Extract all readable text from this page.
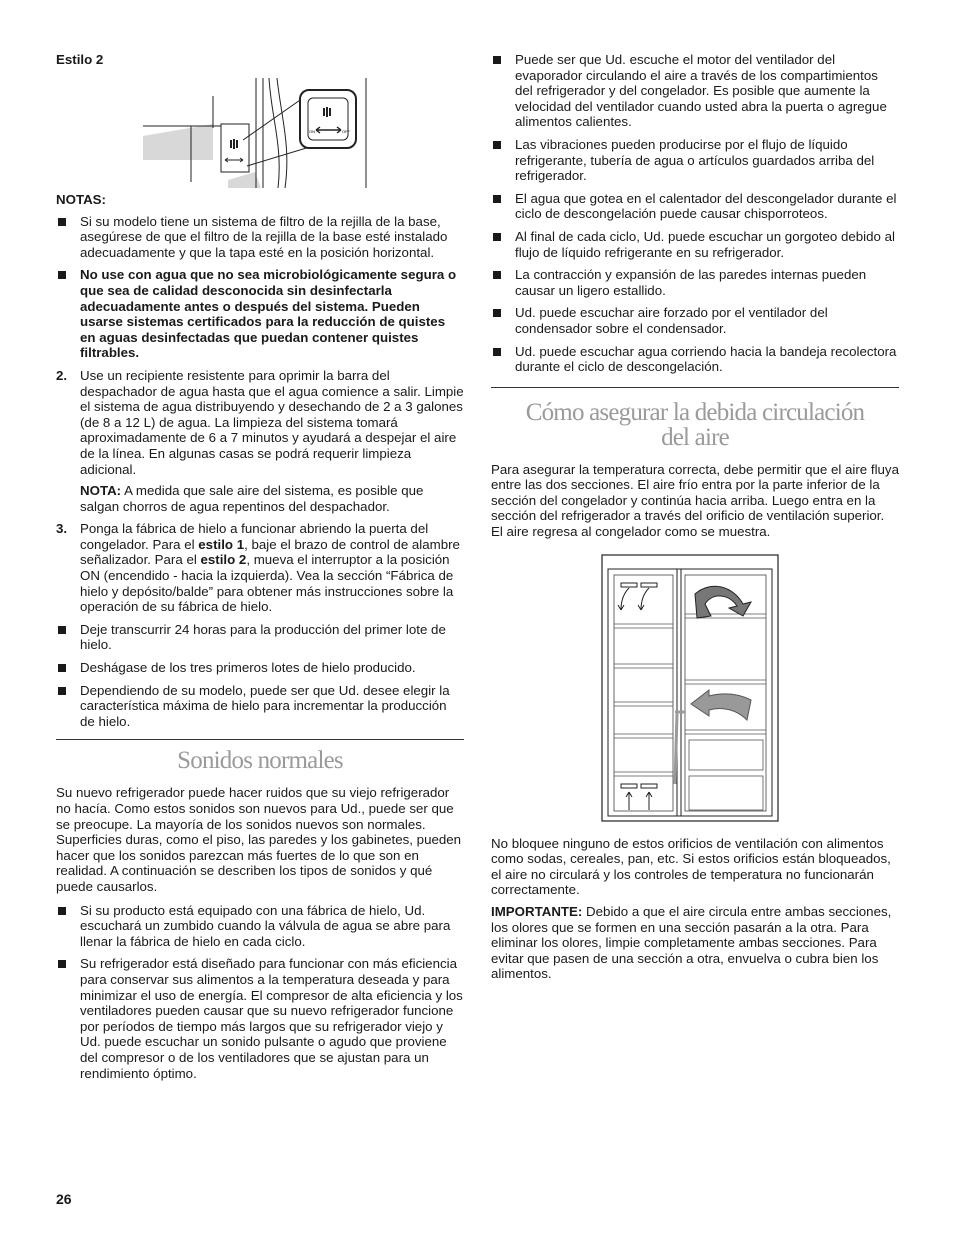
Estilo 2

ON	OFF

NOTAS:

Si su modelo tiene un sistema de filtro de la rejilla de la base, asegúrese de que el filtro de la rejilla de la base esté instalado adecuadamente y que la tapa esté en la posición horizontal.
No use con agua que no sea microbiológicamente segura o que sea de calidad desconocida sin desinfectarla adecuadamente antes o después del sistema. Pueden usarse sistemas certificados para la reducción de quistes en aguas desinfectadas que puedan contener quistes filtrables.
2. Use un recipiente resistente para oprimir la barra del despachador de agua hasta que el agua comience a salir. Limpie el sistema de agua distribuyendo y desechando de 2 a 3 galones (de 8 a 12 L) de agua. La limpieza del sistema tomará aproximadamente de 6 a 7 minutos y ayudará a despejar el aire de la línea. En algunas casas se podrá requerir limpieza adicional.

NOTA: A medida que sale aire del sistema, es posible que salgan chorros de agua repentinos del despachador.

3. Ponga la fábrica de hielo a funcionar abriendo la puerta del congelador. Para el estilo 1, baje el brazo de control de alambre señalizador. Para el estilo 2, mueva el interruptor a la posición ON (encendido - hacia la izquierda). Vea la sección “Fábrica de hielo y depósito/balde” para obtener más instrucciones sobre la operación de su fábrica de hielo.

Deje transcurrir 24 horas para la producción del primer lote de hielo.
Deshágase de los tres primeros lotes de hielo producido.
Dependiendo de su modelo, puede ser que Ud. desee elegir la característica máxima de hielo para incrementar la producción de hielo.

Sonidos normales

Su nuevo refrigerador puede hacer ruidos que su viejo refrigerador no hacía. Como estos sonidos son nuevos para Ud., puede ser que se preocupe. La mayoría de los sonidos nuevos son normales. Superficies duras, como el piso, las paredes y los gabinetes, pueden hacer que los sonidos parezcan más fuertes de lo que son en realidad. A continuación se describen los tipos de sonidos y qué puede causarlos.

Si su producto está equipado con una fábrica de hielo, Ud. escuchará un zumbido cuando la válvula de agua se abre para llenar la fábrica de hielo en cada ciclo.
Su refrigerador está diseñado para funcionar con más eficiencia para conservar sus alimentos a la temperatura deseada y para minimizar el uso de energía. El compresor de alta eficiencia y los ventiladores pueden causar que su nuevo refrigerador funcione por períodos de tiempo más largos que su refrigerador viejo y Ud. puede escuchar un sonido pulsante o agudo que proviene del compresor o de los ventiladores que se ajustan para un rendimiento óptimo.
Puede ser que Ud. escuche el motor del ventilador del evaporador circulando el aire a través de los compartimientos del refrigerador y del congelador. Es posible que aumente la velocidad del ventilador cuando usted abra la puerta o agregue alimentos calientes.
Las vibraciones pueden producirse por el flujo de líquido refrigerante, tubería de agua o artículos guardados arriba del refrigerador.
El agua que gotea en el calentador del descongelador durante el ciclo de descongelación puede causar chisporroteos.
Al final de cada ciclo, Ud. puede escuchar un gorgoteo debido al flujo de líquido refrigerante en su refrigerador.
La contracción y expansión de las paredes internas pueden causar un ligero estallido.
Ud. puede escuchar aire forzado por el ventilador del condensador sobre el condensador.
Ud. puede escuchar agua corriendo hacia la bandeja recolectora durante el ciclo de descongelación.

Cómo asegurar la debida circulación
del aire

Para asegurar la temperatura correcta, debe permitir que el aire fluya entre las dos secciones. El aire frío entra por la parte inferior de la sección del congelador y continúa hacia arriba. Luego entra en la sección del refrigerador a través del orificio de ventilación superior. El aire regresa al congelador como se muestra.

No bloquee ninguno de estos orificios de ventilación con alimentos como sodas, cereales, pan, etc. Si estos orificios están bloqueados, el aire no circulará y los controles de temperatura no funcionarán correctamente.

IMPORTANTE: Debido a que el aire circula entre ambas secciones, los olores que se formen en una sección pasarán a la otra. Para eliminar los olores, limpie completamente ambas secciones. Para evitar que pasen de una sección a otra, envuelva o cubra bien los alimentos.

26
